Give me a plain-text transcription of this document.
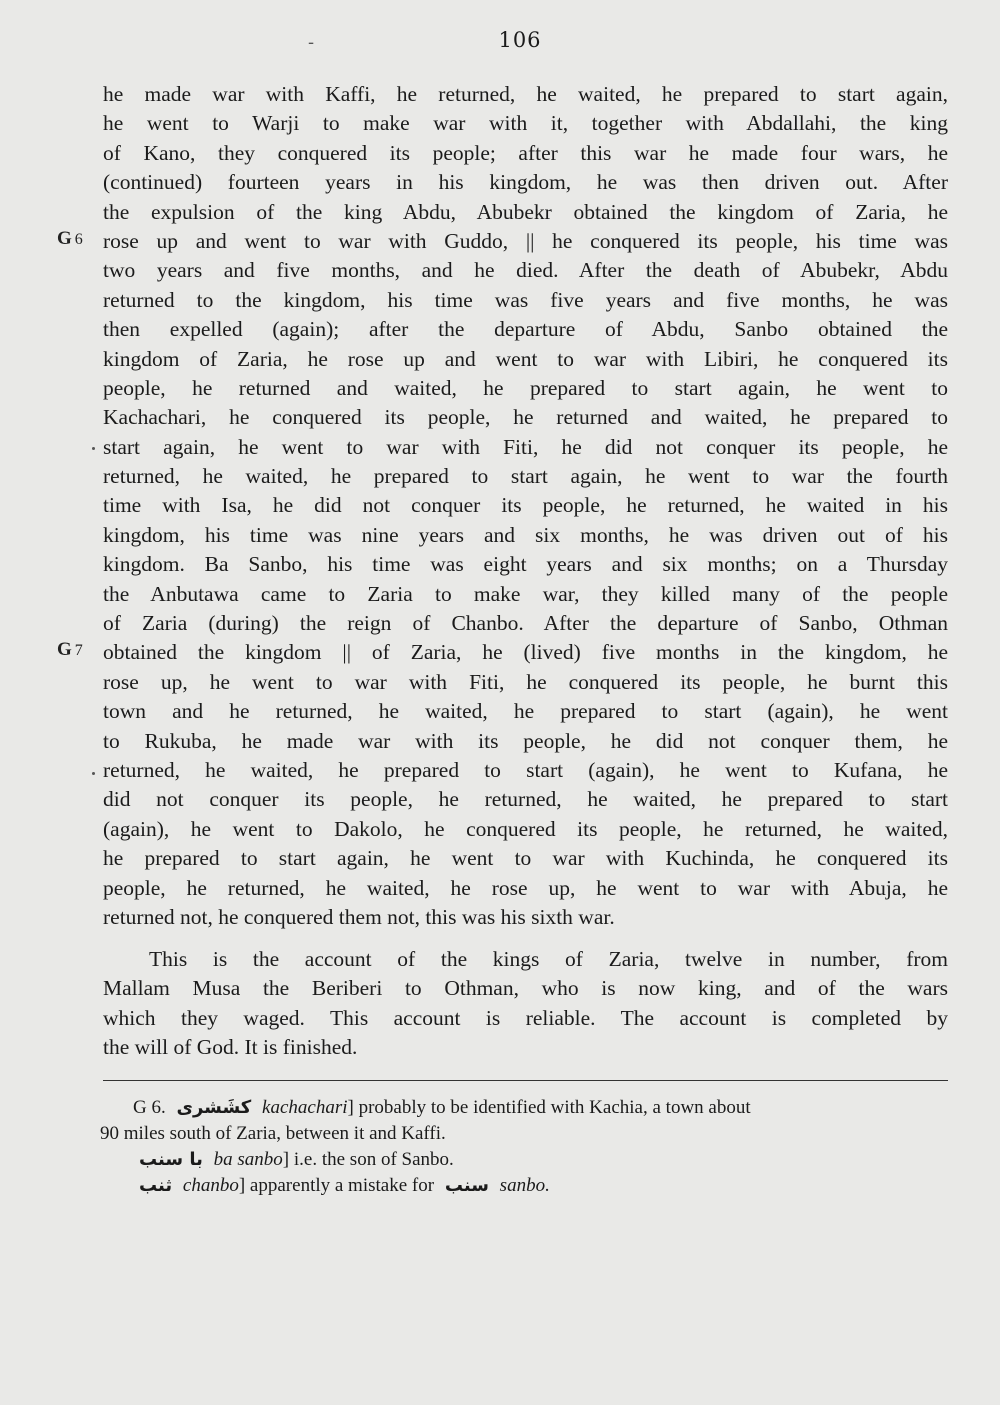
-	106
G 6
G 7
he made war with Kaffi, he returned, he waited, he prepared to start again,
he went to Warji to make war with it, together with Abdallahi, the king
of Kano, they conquered its people; after this war he made four wars, he
(continued) fourteen years in his kingdom, he was then driven out. After
the expulsion of the king Abdu, Abubekr obtained the kingdom of Zaria, he
rose up and went to war with Guddo, || he conquered its people, his time was
two years and five months, and he died. After the death of Abubekr, Abdu
returned to the kingdom, his time was five years and five months, he was
then expelled (again); after the departure of Abdu, Sanbo obtained the
kingdom of Zaria, he rose up and went to war with Libiri, he conquered its
people, he returned and waited, he prepared to start again, he went to
Kachachari, he conquered its people, he returned and waited, he prepared to
start again, he went to war with Fiti, he did not conquer its people, he
returned, he waited, he prepared to start again, he went to war the fourth
time with Isa, he did not conquer its people, he returned, he waited in his
kingdom, his time was nine years and six months, he was driven out of his
kingdom. Ba Sanbo, his time was eight years and six months; on a Thursday
the Anbutawa came to Zaria to make war, they killed many of the people
of Zaria (during) the reign of Chanbo. After the departure of Sanbo, Othman
obtained the kingdom || of Zaria, he (lived) five months in the kingdom, he
rose up, he went to war with Fiti, he conquered its people, he burnt this
town and he returned, he waited, he prepared to start (again), he went
to Rukuba, he made war with its people, he did not conquer them, he
returned, he waited, he prepared to start (again), he went to Kufana, he
did not conquer its people, he returned, he waited, he prepared to start
(again), he went to Dakolo, he conquered its people, he returned, he waited,
he prepared to start again, he went to war with Kuchinda, he conquered its
people, he returned, he waited, he rose up, he went to war with Abuja, he
returned not, he conquered them not, this was his sixth war.
This is the account of the kings of Zaria, twelve in number, from
Mallam Musa the Beriberi to Othman, who is now king, and of the wars
which they waged. This account is reliable. The account is completed by
the will of God. It is finished.
G 6. كشَشرى kachachari] probably to be identified with Kachia, a town about
90 miles south of Zaria, between it and Kaffi.
با سنب ba sanbo] i.e. the son of Sanbo.
ثنب chanbo] apparently a mistake for سنب sanbo.
